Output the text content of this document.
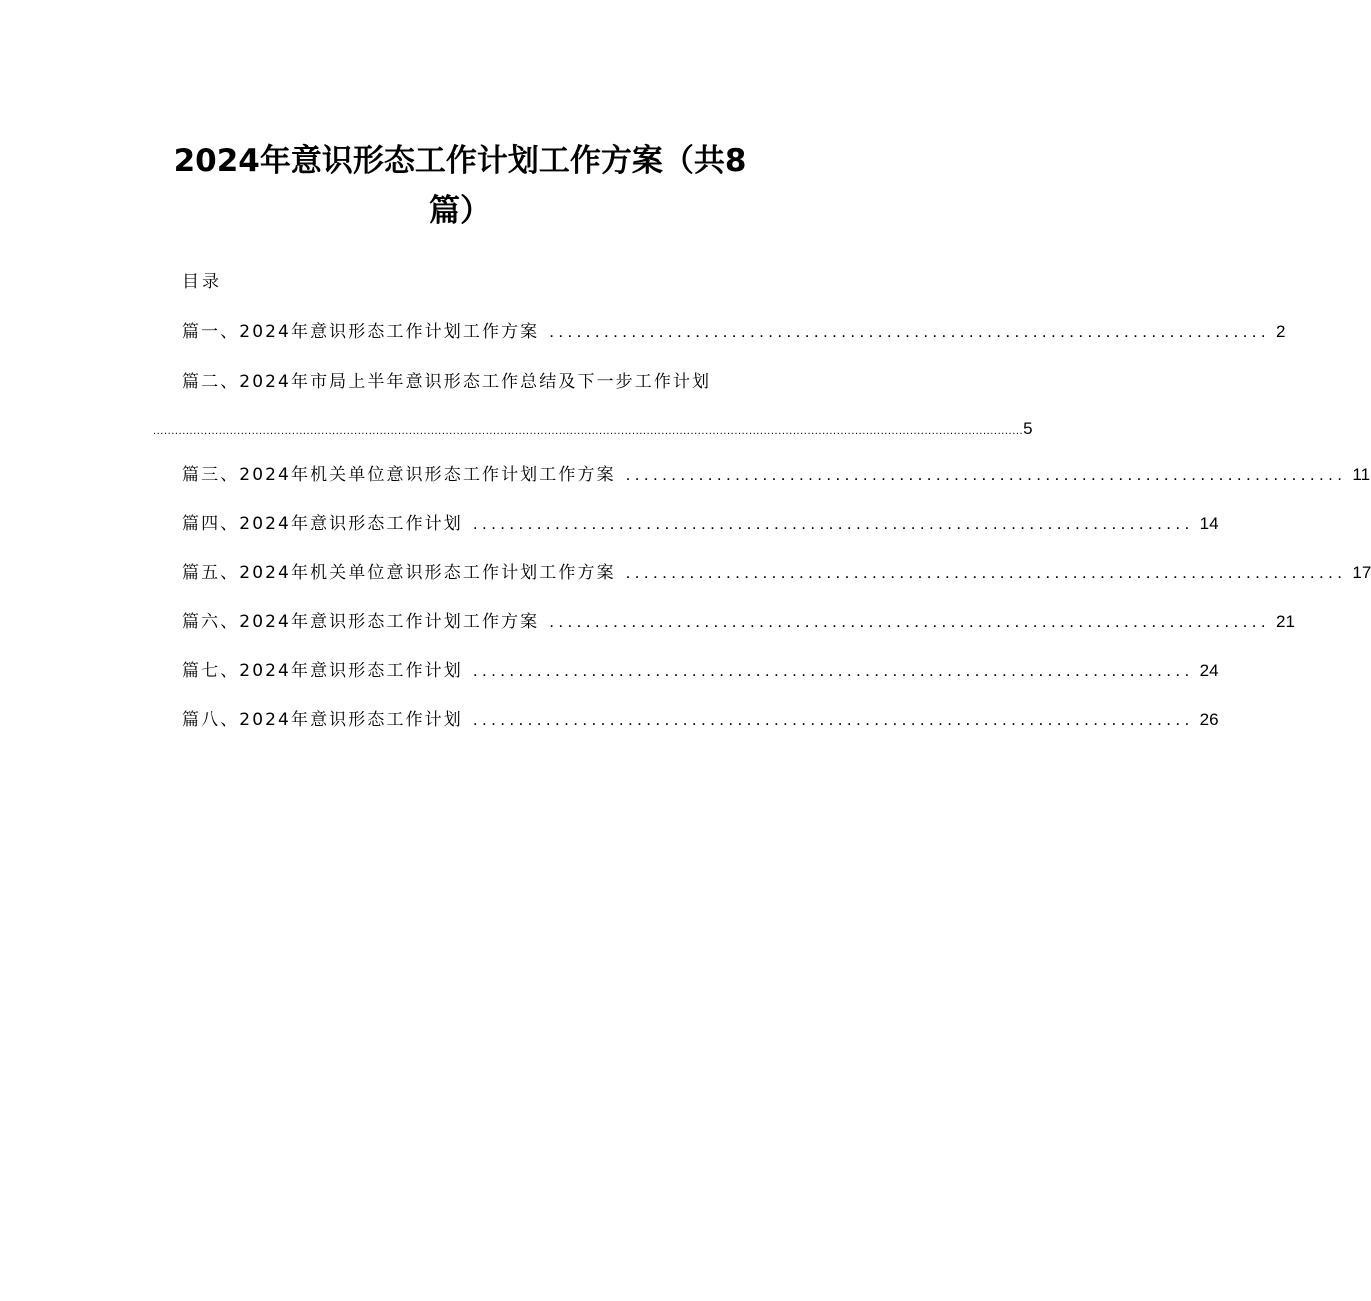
2024年意识形态工作计划工作方案（共8
篇）
目录
篇一、2024年意识形态工作计划工作方案 ............................................................................... 2
篇二、2024年市局上半年意识形态工作总结及下一步工作计划
.............................................................................................................................................................................................................................................. 5
篇三、2024年机关单位意识形态工作计划工作方案 ............................................................................... 11
篇四、2024年意识形态工作计划 ............................................................................... 14
篇五、2024年机关单位意识形态工作计划工作方案 ............................................................................... 17
篇六、2024年意识形态工作计划工作方案 ............................................................................... 21
篇七、2024年意识形态工作计划 ............................................................................... 24
篇八、2024年意识形态工作计划 ............................................................................... 26
